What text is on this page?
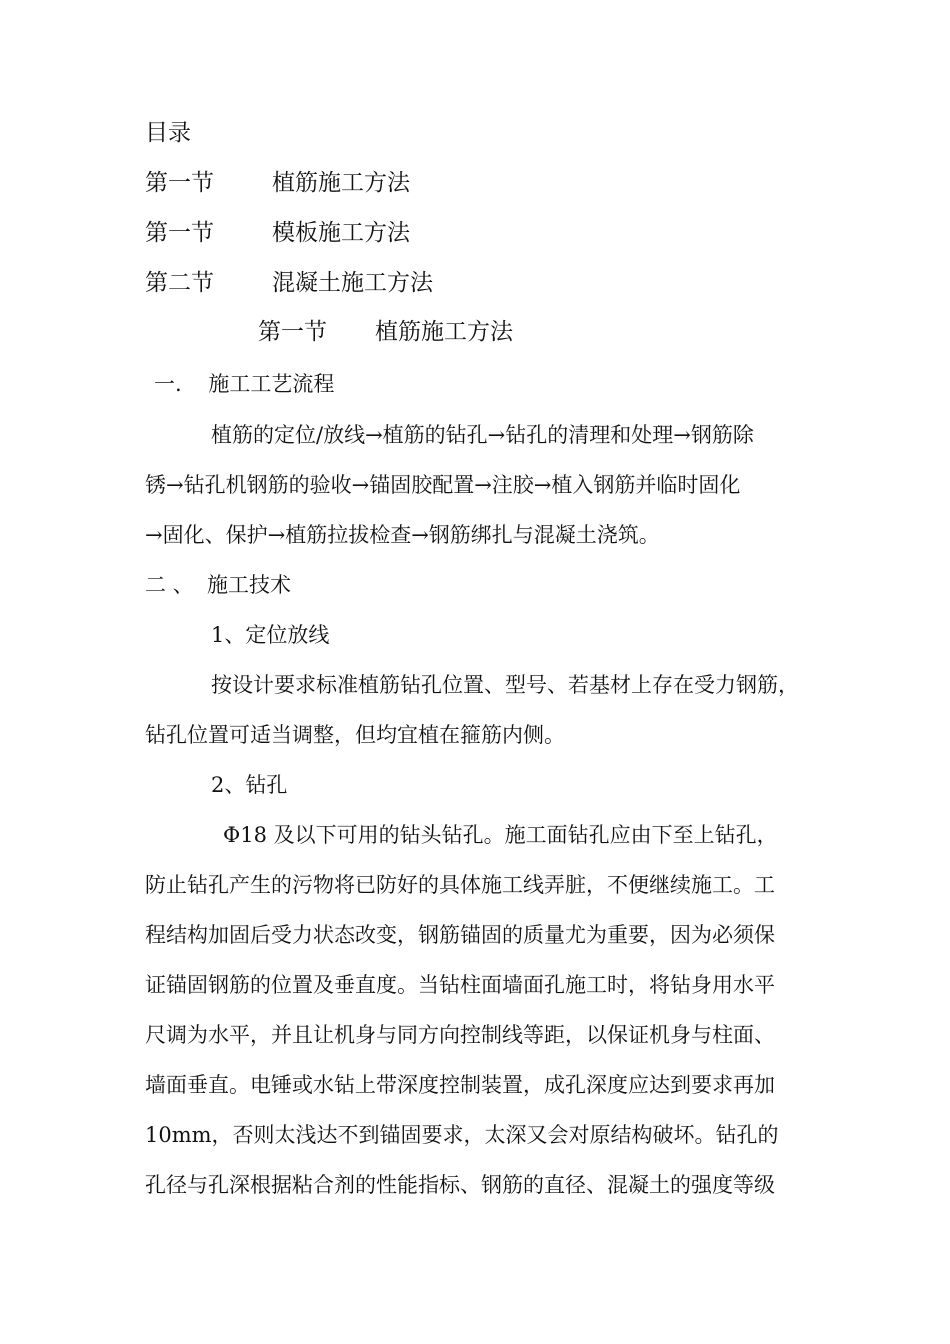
目录
第一节	植筋施工方法
第一节	模板施工方法
第二节	混凝土施工方法
第一节 植筋施工方法
一.    施工工艺流程
植筋的定位/放线→植筋的钻孔→钻孔的清理和处理→钢筋除
锈→钻孔机钢筋的验收→锚固胶配置→注胶→植入钢筋并临时固化
→固化、保护→植筋拉拔检查→钢筋绑扎与混凝土浇筑。
二 、  施工技术
1、定位放线
按设计要求标准植筋钻孔位置、型号、若基材上存在受力钢筋，
钻孔位置可适当调整，但均宜植在箍筋内侧。
2、钻孔
Φ18 及以下可用的钻头钻孔。施工面钻孔应由下至上钻孔，
防止钻孔产生的污物将已防好的具体施工线弄脏，不便继续施工。工
程结构加固后受力状态改变，钢筋锚固的质量尤为重要，因为必须保
证锚固钢筋的位置及垂直度。当钻柱面墙面孔施工时，将钻身用水平
尺调为水平，并且让机身与同方向控制线等距，以保证机身与柱面、
墙面垂直。电锤或水钻上带深度控制装置，成孔深度应达到要求再加
10mm，否则太浅达不到锚固要求，太深又会对原结构破坏。钻孔的
孔径与孔深根据粘合剂的性能指标、钢筋的直径、混凝土的强度等级
